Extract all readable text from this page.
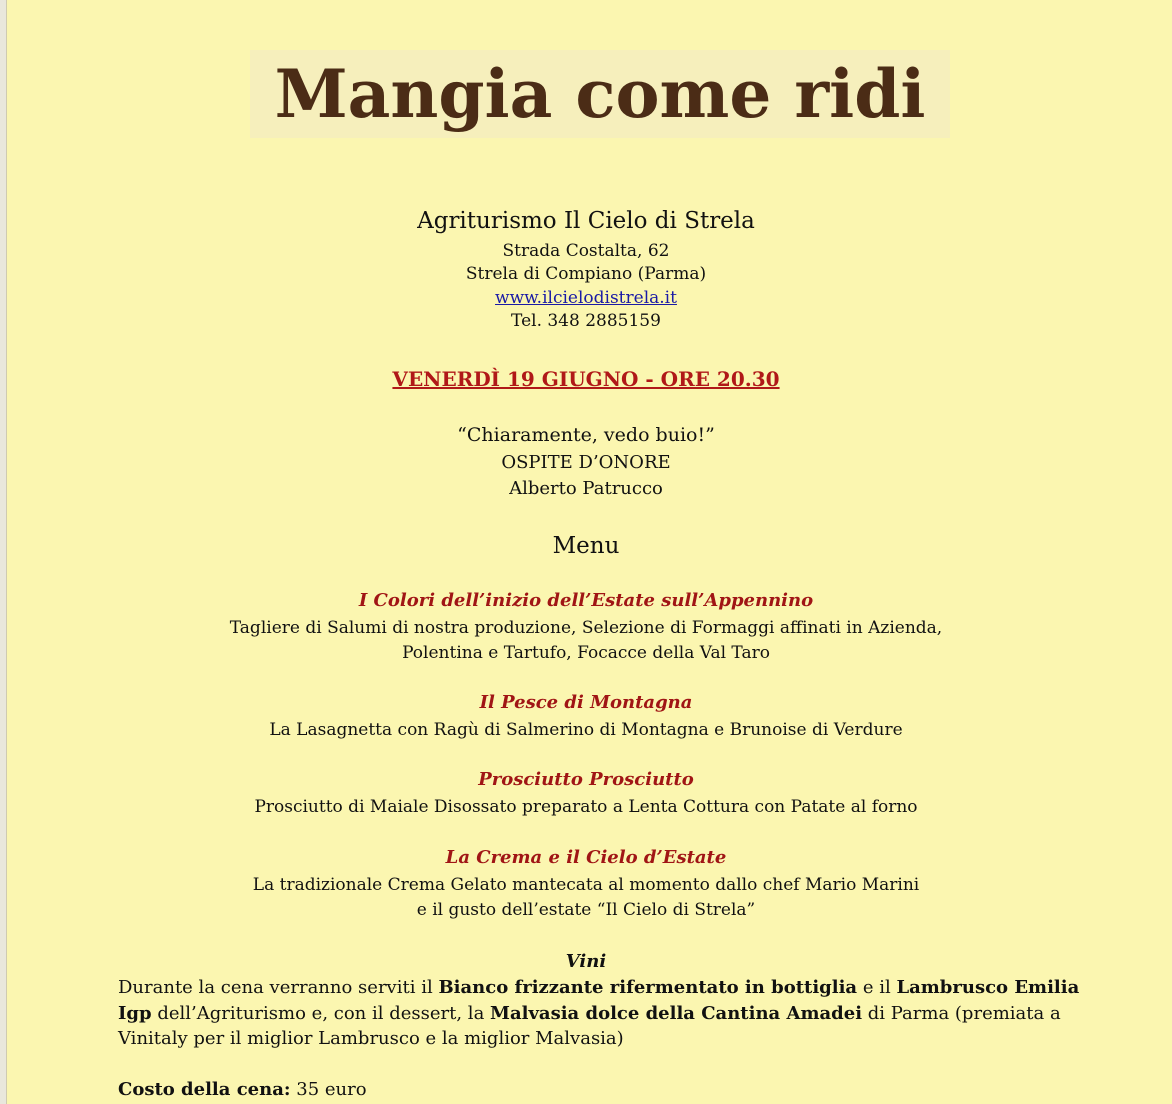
Mangia come ridi
Agriturismo Il Cielo di Strela
Strada Costalta, 62
Strela di Compiano (Parma)
www.ilcielodistrela.it
Tel. 348 2885159
VENERDÌ 19 GIUGNO - ORE 20.30
“Chiaramente, vedo buio!”
OSPITE D’ONORE
Alberto Patrucco
Menu
I Colori dell’inizio dell’Estate sull’Appennino
Tagliere di Salumi di nostra produzione, Selezione di Formaggi affinati in Azienda,
Polentina e Tartufo, Focacce della Val Taro
Il Pesce di Montagna
La Lasagnetta con Ragù di Salmerino di Montagna e Brunoise di Verdure
Prosciutto Prosciutto
Prosciutto di Maiale Disossato preparato a Lenta Cottura con Patate al forno
La Crema e il Cielo d’Estate
La tradizionale Crema Gelato mantecata al momento dallo chef Mario Marini
e il gusto dell’estate “Il Cielo di Strela”
Vini
Durante la cena verranno serviti il Bianco frizzante rifermentato in bottiglia e il Lambrusco Emilia Igp dell’Agriturismo e, con il dessert, la Malvasia dolce della Cantina Amadei di Parma (premiata a Vinitaly per il miglior Lambrusco e la miglior Malvasia)
Costo della cena: 35 euro
